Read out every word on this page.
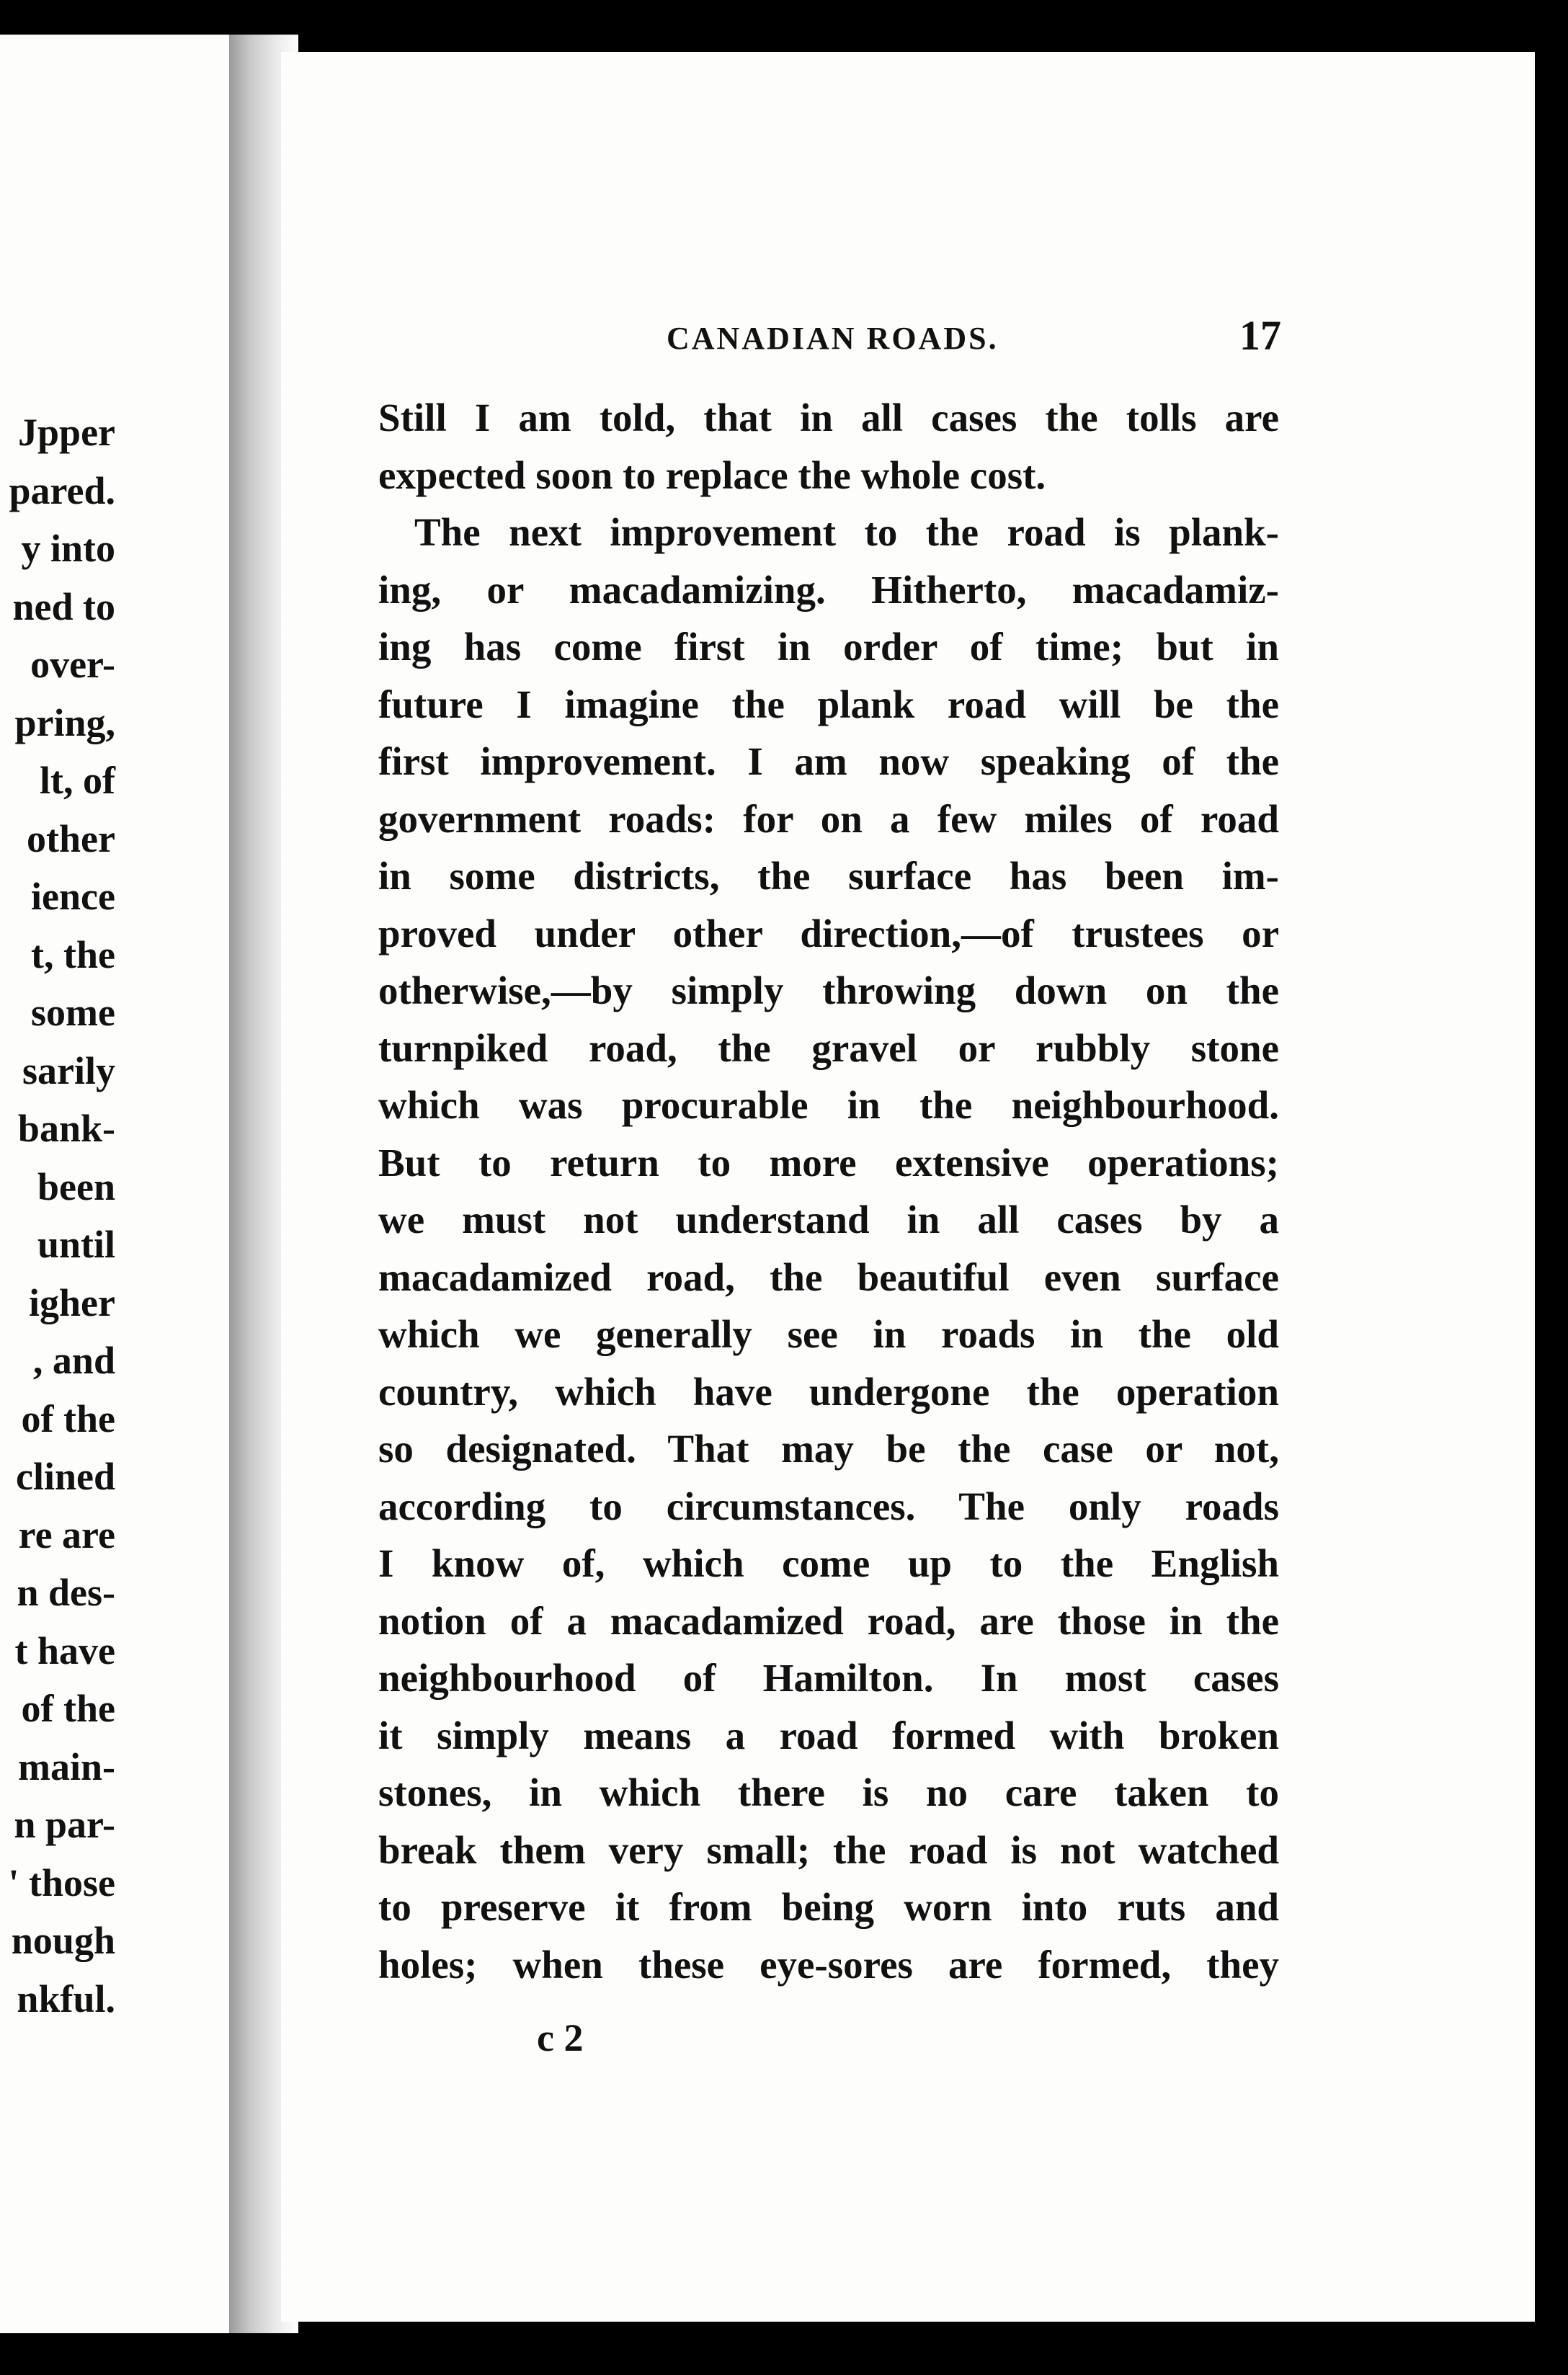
Jpper
pared.
y into
ned to
over-
pring,
lt, of
other
ience
t, the
some
sarily
bank-
been
until
igher
, and
of the
clined
re are
n des-
t have
of the
main-
n par-
' those
nough
nkful.
CANADIAN ROADS.	17
Still I am told, that in all cases the tolls are
expected soon to replace the whole cost.
The next improvement to the road is plank-
ing, or macadamizing. Hitherto, macadamiz-
ing has come first in order of time; but in
future I imagine the plank road will be the
first improvement. I am now speaking of the
government roads: for on a few miles of road
in some districts, the surface has been im-
proved under other direction,—of trustees or
otherwise,—by simply throwing down on the
turnpiked road, the gravel or rubbly stone
which was procurable in the neighbourhood.
But to return to more extensive operations;
we must not understand in all cases by a
macadamized road, the beautiful even surface
which we generally see in roads in the old
country, which have undergone the operation
so designated. That may be the case or not,
according to circumstances. The only roads
I know of, which come up to the English
notion of a macadamized road, are those in the
neighbourhood of Hamilton. In most cases
it simply means a road formed with broken
stones, in which there is no care taken to
break them very small; the road is not watched
to preserve it from being worn into ruts and
holes; when these eye-sores are formed, they
c 2
